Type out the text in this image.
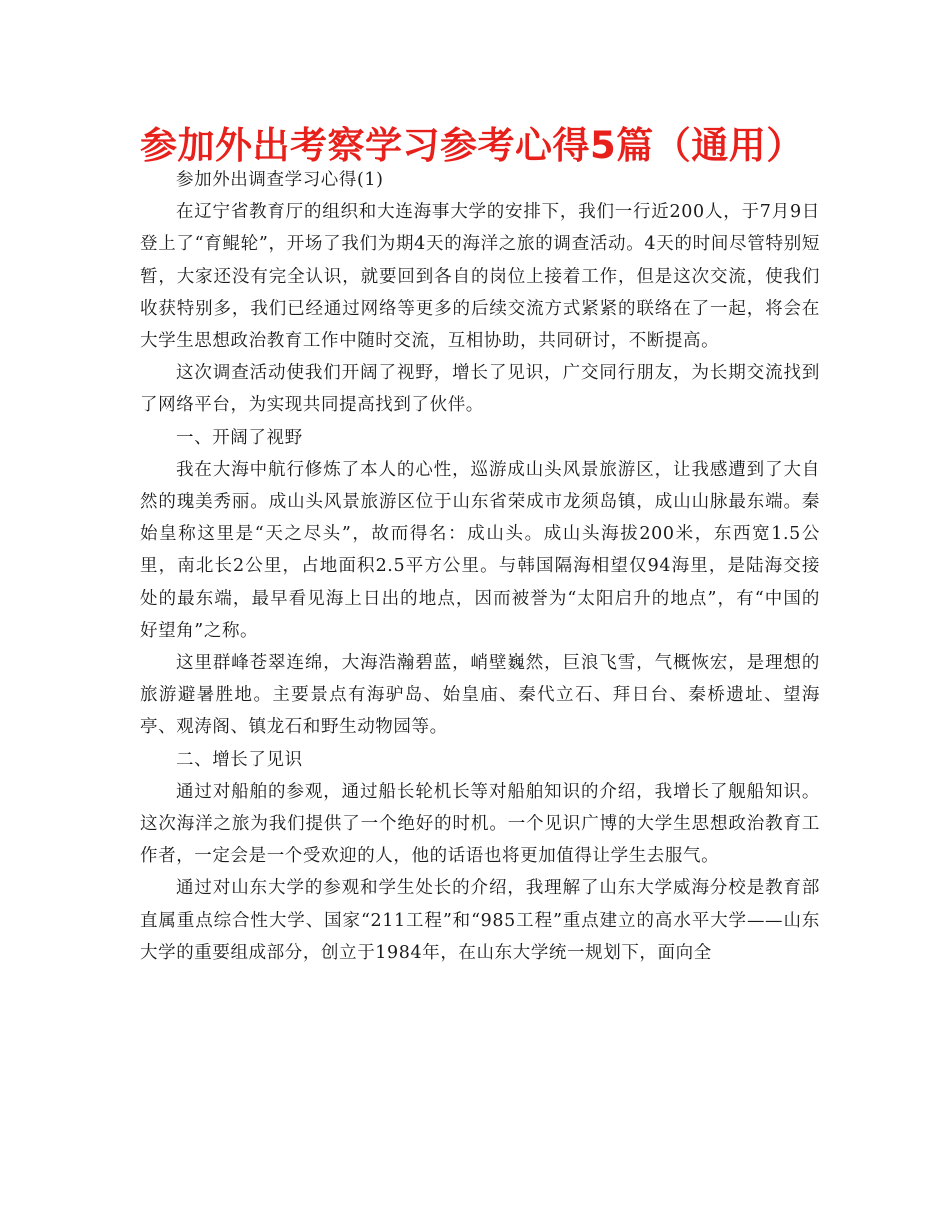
参加外出考察学习参考心得5篇（通用）

参加外出调查学习心得(1)

在辽宁省教育厅的组织和大连海事大学的安排下，我们一行近200人，于7月9日登上了“育鲲轮”，开场了我们为期4天的海洋之旅的调查活动。4天的时间尽管特别短暂，大家还没有完全认识，就要回到各自的岗位上接着工作，但是这次交流，使我们收获特别多，我们已经通过网络等更多的后续交流方式紧紧的联络在了一起，将会在大学生思想政治教育工作中随时交流，互相协助，共同研讨，不断提高。

这次调查活动使我们开阔了视野，增长了见识，广交同行朋友，为长期交流找到了网络平台，为实现共同提高找到了伙伴。

一、开阔了视野

我在大海中航行修炼了本人的心性，巡游成山头风景旅游区，让我感遭到了大自然的瑰美秀丽。成山头风景旅游区位于山东省荣成市龙须岛镇，成山山脉最东端。秦始皇称这里是“天之尽头”，故而得名：成山头。成山头海拔200米，东西宽1.5公里，南北长2公里，占地面积2.5平方公里。与韩国隔海相望仅94海里，是陆海交接处的最东端，最早看见海上日出的地点，因而被誉为“太阳启升的地点”，有“中国的好望角”之称。

这里群峰苍翠连绵，大海浩瀚碧蓝，峭壁巍然，巨浪飞雪，气概恢宏，是理想的旅游避暑胜地。主要景点有海驴岛、始皇庙、秦代立石、拜日台、秦桥遗址、望海亭、观涛阁、镇龙石和野生动物园等。

二、增长了见识

通过对船舶的参观，通过船长轮机长等对船舶知识的介绍，我增长了舰船知识。这次海洋之旅为我们提供了一个绝好的时机。一个见识广博的大学生思想政治教育工作者，一定会是一个受欢迎的人，他的话语也将更加值得让学生去服气。

通过对山东大学的参观和学生处长的介绍，我理解了山东大学威海分校是教育部直属重点综合性大学、国家“211工程”和“985工程”重点建立的高水平大学——山东大学的重要组成部分，创立于1984年，在山东大学统一规划下，面向全
